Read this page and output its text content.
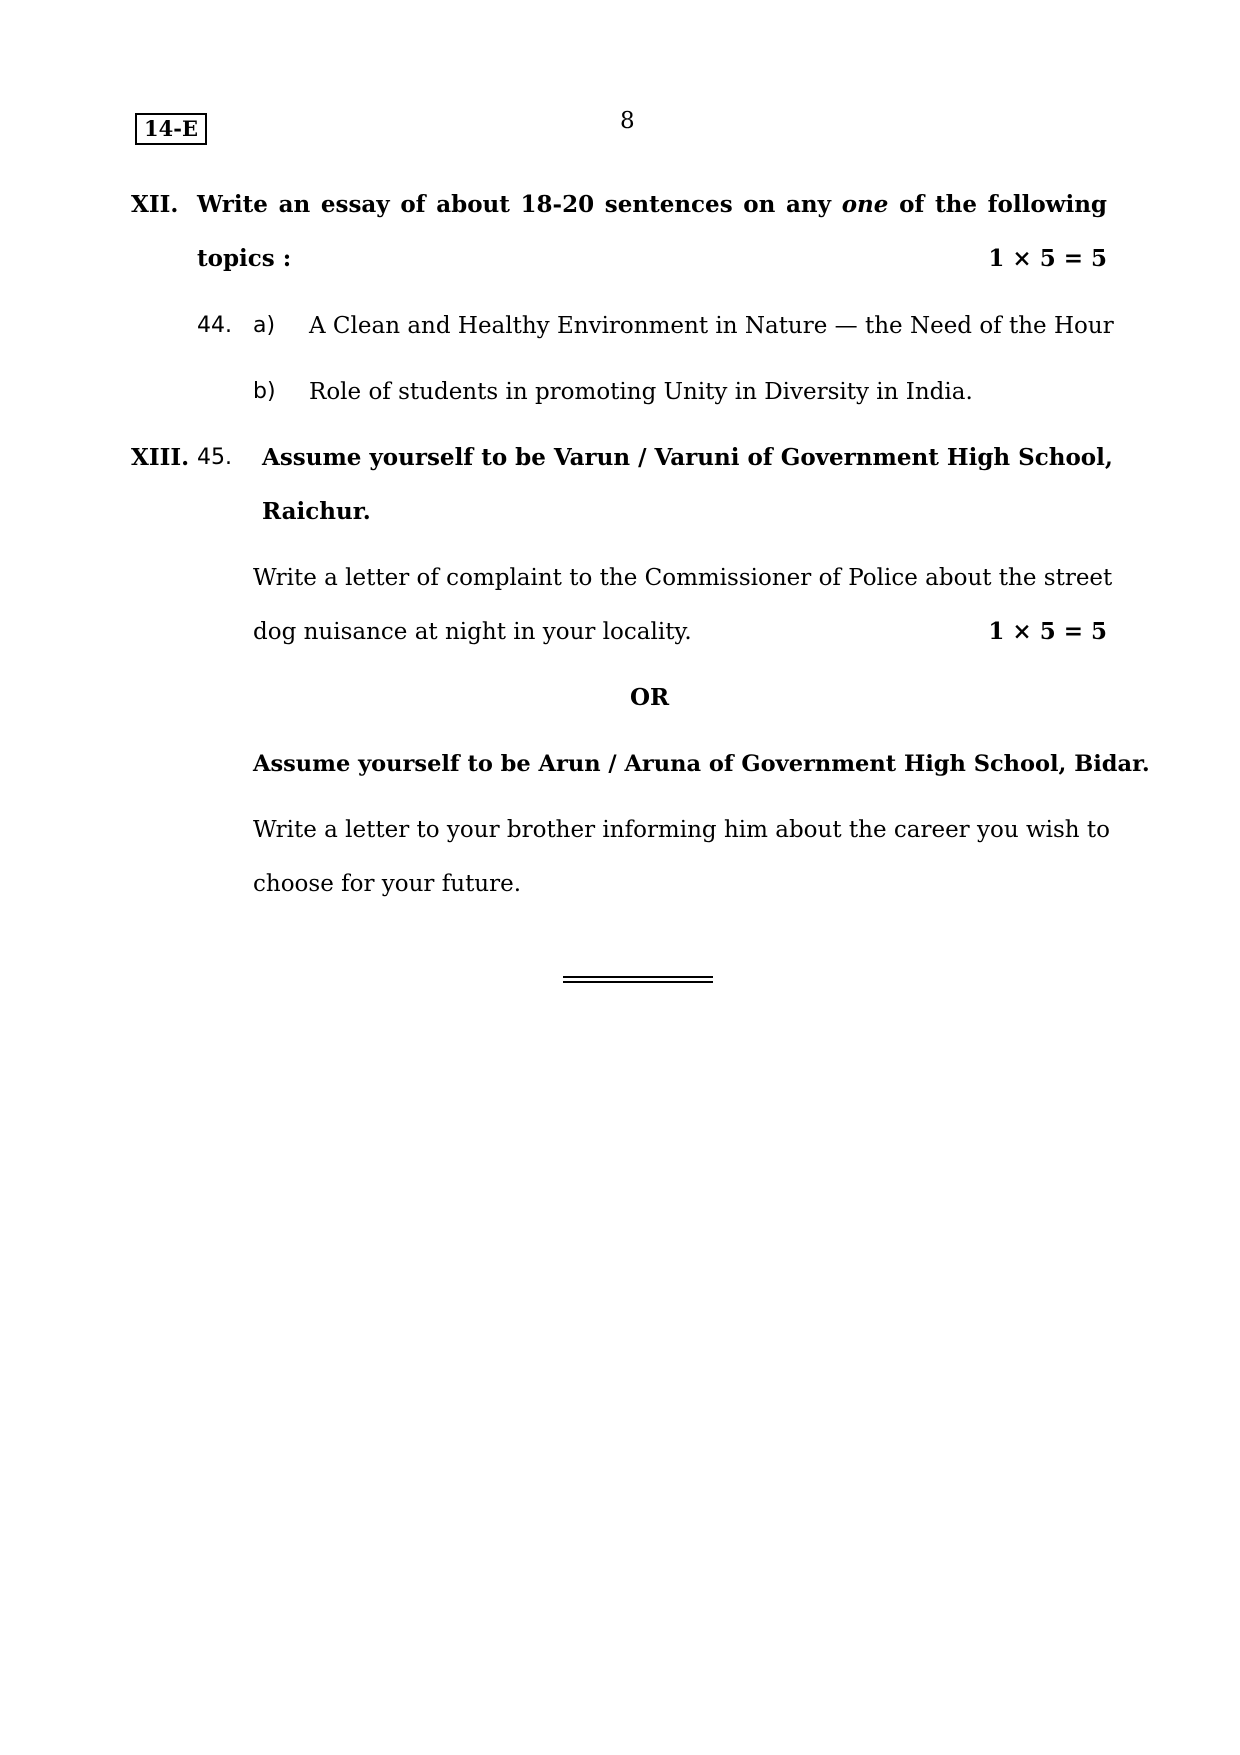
14-E	8
XII. Write an essay of about 18-20 sentences on any one of the following
topics :	1 × 5 = 5
44. a) A Clean and Healthy Environment in Nature — the Need of the Hour
b) Role of students in promoting Unity in Diversity in India.
XIII. 45. Assume yourself to be Varun / Varuni of Government High School,
Raichur.
Write a letter of complaint to the Commissioner of Police about the street
dog nuisance at night in your locality.	1 × 5 = 5
OR
Assume yourself to be Arun / Aruna of Government High School, Bidar.
Write a letter to your brother informing him about the career you wish to
choose for your future.
